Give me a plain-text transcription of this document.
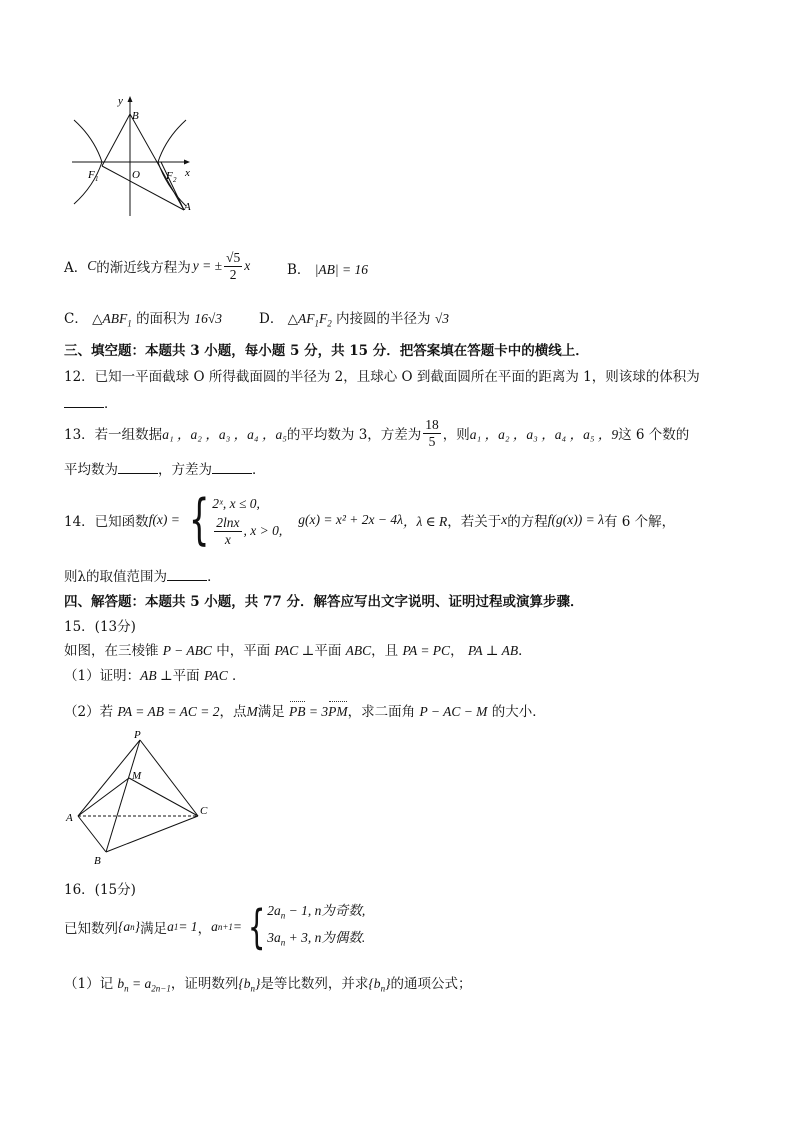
y
B
x
O
F 1	F 2
A
A． C 的渐近线方程为 y = ± $\frac{√5}{2}$ x	B． |AB| = 16
C． $\triangle ABF_1$ 的面积为 16√3	D． $\triangle AF_1F_2$ 内接圆的半径为 √3
三、填空题：本题共 3 小题，每小题 5 分，共 15 分．把答案填在答题卡中的横线上．
12．已知一平面截球 O 所得截面圆的半径为 2，且球心 O 到截面圆所在平面的距离为 1，则该球的体积为
．
13．若一组数据 a₁ ，a₂ ，a₃ ，a₄ ，a₅ 的平均数为 3，方差为 $\frac{18}{5}$ ，则 a₁ ，a₂ ，a₃ ，a₄ ，a₅ ，9 这 6 个数的
平均数为	，方差为	．
14．已知函数 f(x) = { 2ˣ, x ≤ 0,
$\frac{2\ln x}{x}$ , x > 0,
g(x) = x² + 2x − 4λ ，λ ∈ R ，若关于 x 的方程 f(g(x)) = λ 有 6 个解，
则λ的取值范围为	．
四、解答题：本题共 5 小题，共 77 分．解答应写出文字说明、证明过程或演算步骤．
15．(13分)
如图，在三棱锥 P − ABC 中，平面 PAC ⊥平面 ABC，且 PA = PC， PA ⊥ AB．
（1）证明：AB ⊥平面 PAC ．
（2）若 PA = AB = AC = 2，点M满足 PB = 3PM，求二面角 P − AC − M 的大小．
P
M
A
C
B
16．(15分)
已知数列 {a n } 满足 a 1 = 1 ， a n+1 = { $2a_n - 1$, n为奇数,
$3a_n + 3$, n为偶数.
（1）记 $b_n = a_{2n-1}$，证明数列$\{b_n\}$是等比数列，并求$\{b_n\}$的通项公式；
